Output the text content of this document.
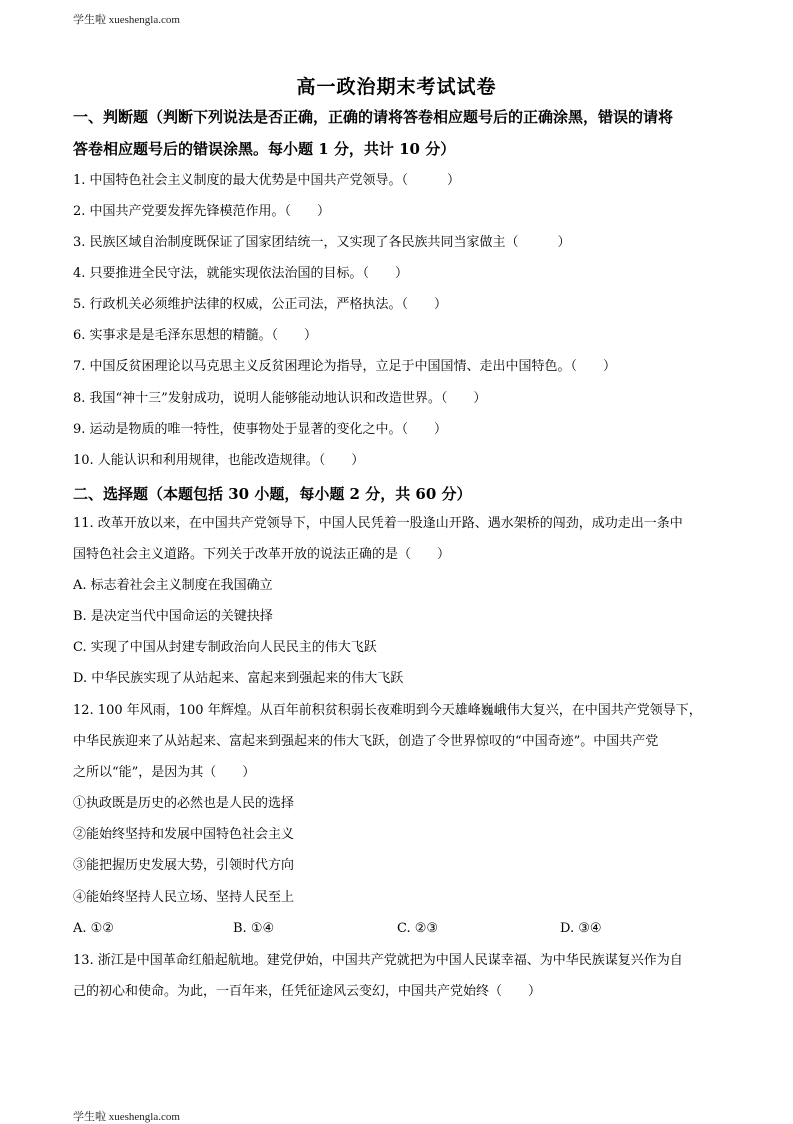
学生啦 xueshengla.com
高一政治期末考试试卷
一、判断题（判断下列说法是否正确，正确的请将答卷相应题号后的正确涂黑，错误的请将
答卷相应题号后的错误涂黑。每小题 1 分，共计 10 分）
1. 中国特色社会主义制度的最大优势是中国共产党领导。（　　　）
2. 中国共产党要发挥先锋模范作用。（　　）
3. 民族区域自治制度既保证了国家团结统一，又实现了各民族共同当家做主（　　　）
4. 只要推进全民守法，就能实现依法治国的目标。（　　）
5. 行政机关必须维护法律的权威，公正司法，严格执法。（　　）
6. 实事求是是毛泽东思想的精髓。（　　）
7. 中国反贫困理论以马克思主义反贫困理论为指导，立足于中国国情、走出中国特色。（　　）
8. 我国“神十三”发射成功，说明人能够能动地认识和改造世界。（　　）
9. 运动是物质的唯一特性，使事物处于显著的变化之中。（　　）
10. 人能认识和利用规律，也能改造规律。（　　）
二、选择题（本题包括 30 小题，每小题 2 分，共 60 分）
11. 改革开放以来，在中国共产党领导下，中国人民凭着一股逢山开路、遇水架桥的闯劲，成功走出一条中
国特色社会主义道路。下列关于改革开放的说法正确的是（　　）
A. 标志着社会主义制度在我国确立
B. 是决定当代中国命运的关键抉择
C. 实现了中国从封建专制政治向人民民主的伟大飞跃
D. 中华民族实现了从站起来、富起来到强起来的伟大飞跃
12. 100 年风雨，100 年辉煌。从百年前积贫积弱长夜难明到今天雄峰巍峨伟大复兴，在中国共产党领导下，
中华民族迎来了从站起来、富起来到强起来的伟大飞跃，创造了令世界惊叹的“中国奇迹”。中国共产党
之所以“能”，是因为其（　　）
①执政既是历史的必然也是人民的选择
②能始终坚持和发展中国特色社会主义
③能把握历史发展大势，引领时代方向
④能始终坚持人民立场、坚持人民至上
A. ①②	B. ①④	C. ②③	D. ③④
13. 浙江是中国革命红船起航地。建党伊始，中国共产党就把为中国人民谋幸福、为中华民族谋复兴作为自
己的初心和使命。为此，一百年来，任凭征途风云变幻，中国共产党始终（　　）
学生啦 xueshengla.com
